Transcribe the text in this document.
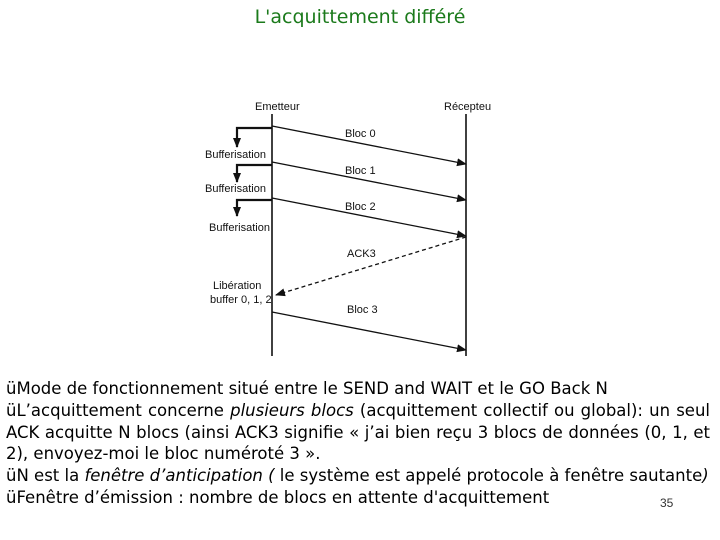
L'acquittement différé
Emetteur	Récepteu
Bloc 0
Bloc 1
Bloc 2
ACK3
Bloc 3
Bufferisation
Bufferisation
Bufferisation
Libération
buffer 0, 1, 2

üMode de fonctionnement situé entre le SEND and WAIT et le GO Back N

üL’acquittement concerne plusieurs blocs (acquittement collectif ou global): un seul ACK acquitte N blocs (ainsi ACK3 signifie « j’ai bien reçu 3 blocs de données (0, 1, et 2), envoyez-moi le bloc numéroté 3 ».

üN est la fenêtre d’anticipation ( le système est appelé protocole à fenêtre sautante)

üFenêtre d’émission : nombre de blocs en attente d'acquittement	35
